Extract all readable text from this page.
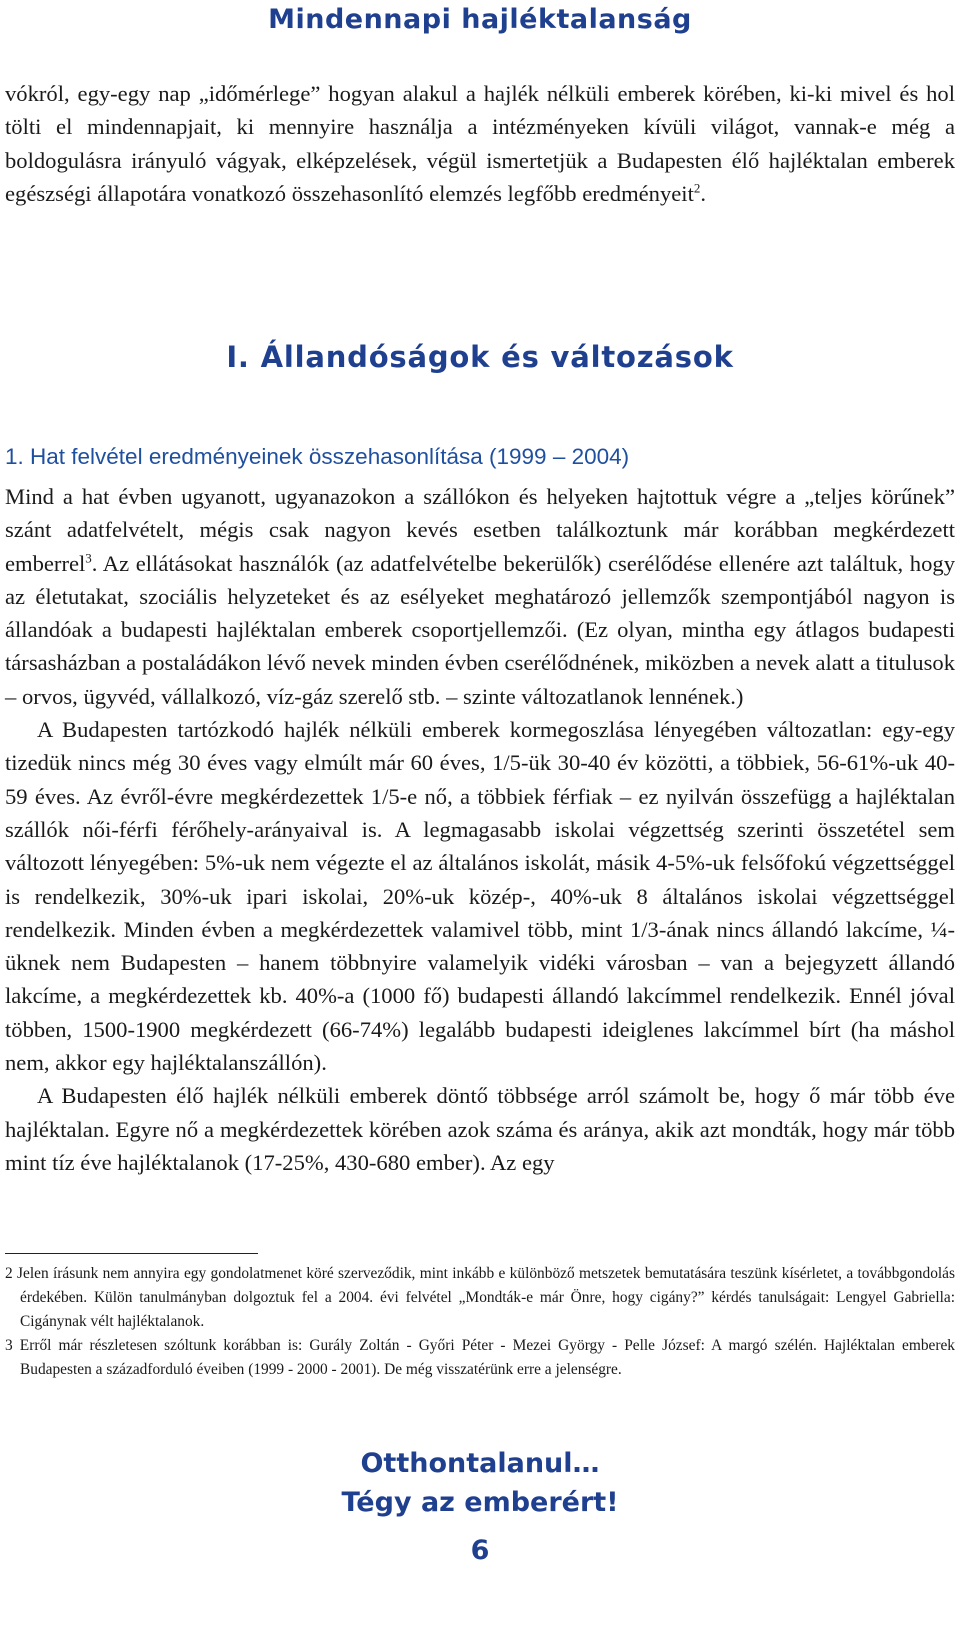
Mindennapi hajléktalanság
vókról, egy-egy nap „időmérlege” hogyan alakul a hajlék nélküli emberek körében, ki-ki mivel és hol tölti el mindennapjait, ki mennyire használja a intézményeken kívüli világot, vannak-e még a boldogulásra irányuló vágyak, elképzelések, végül ismertetjük a Budapesten élő hajléktalan emberek egészségi állapotára vonatkozó összehasonlító elemzés legfőbb eredményeit$^2$.
I. Állandóságok és változások
1. Hat felvétel eredményeinek összehasonlítása (1999 – 2004)

Mind a hat évben ugyanott, ugyanazokon a szállókon és helyeken hajtottuk végre a „teljes körűnek” szánt adatfelvételt, mégis csak nagyon kevés esetben találkoztunk már korábban megkérdezett emberrel$^3$. Az ellátásokat használók (az adatfelvételbe bekerülők) cserélődése ellenére azt találtuk, hogy az életutakat, szociális helyzeteket és az esélyeket meghatározó jellemzők szempontjából nagyon is állandóak a budapesti hajléktalan emberek csoportjellemzői. (Ez olyan, mintha egy átlagos budapesti társasházban a postaládákon lévő nevek minden évben cserélődnének, miközben a nevek alatt a titulusok – orvos, ügyvéd, vállalkozó, víz-gáz szerelő stb. – szinte változatlanok lennének.)

A Budapesten tartózkodó hajlék nélküli emberek kormegoszlása lényegében változatlan: egy-egy tizedük nincs még 30 éves vagy elmúlt már 60 éves, 1/5-ük 30-40 év közötti, a többiek, 56-61%-uk 40-59 éves. Az évről-évre megkérdezettek 1/5-e nő, a többiek férfiak – ez nyilván összefügg a hajléktalan szállók női-férfi férőhely-arányaival is. A legmagasabb iskolai végzettség szerinti összetétel sem változott lényegében: 5%-uk nem végezte el az általános iskolát, másik 4-5%-uk felsőfokú végzettséggel is rendelkezik, 30%-uk ipari iskolai, 20%-uk közép-, 40%-uk 8 általános iskolai végzettséggel rendelkezik. Minden évben a megkérdezettek valamivel több, mint 1/3-ának nincs állandó lakcíme, ¼-üknek nem Budapesten – hanem többnyire valamelyik vidéki városban – van a bejegyzett állandó lakcíme, a megkérdezettek kb. 40%-a (1000 fő) budapesti állandó lakcímmel rendelkezik. Ennél jóval többen, 1500-1900 megkérdezett (66-74%) legalább budapesti ideiglenes lakcímmel bírt (ha máshol nem, akkor egy hajléktalanszállón).

A Budapesten élő hajlék nélküli emberek döntő többsége arról számolt be, hogy ő már több éve hajléktalan. Egyre nő a megkérdezettek körében azok száma és aránya, akik azt mondták, hogy már több mint tíz éve hajléktalanok (17-25%, 430-680 ember). Az egy

2 Jelen írásunk nem annyira egy gondolatmenet köré szerveződik, mint inkább e különböző metszetek bemutatására teszünk kísérletet, a továbbgondolás érdekében. Külön tanulmányban dolgoztuk fel a 2004. évi felvétel „Mondták-e már Önre, hogy cigány?” kérdés tanulságait: Lengyel Gabriella: Cigánynak vélt hajléktalanok.

3 Erről már részletesen szóltunk korábban is: Gurály Zoltán - Győri Péter - Mezei György - Pelle József: A margó szélén. Hajléktalan emberek Budapesten a századforduló éveiben (1999 - 2000 - 2001). De még visszatérünk erre a jelenségre.

Otthontalanul…
Tégy az emberért!
6
